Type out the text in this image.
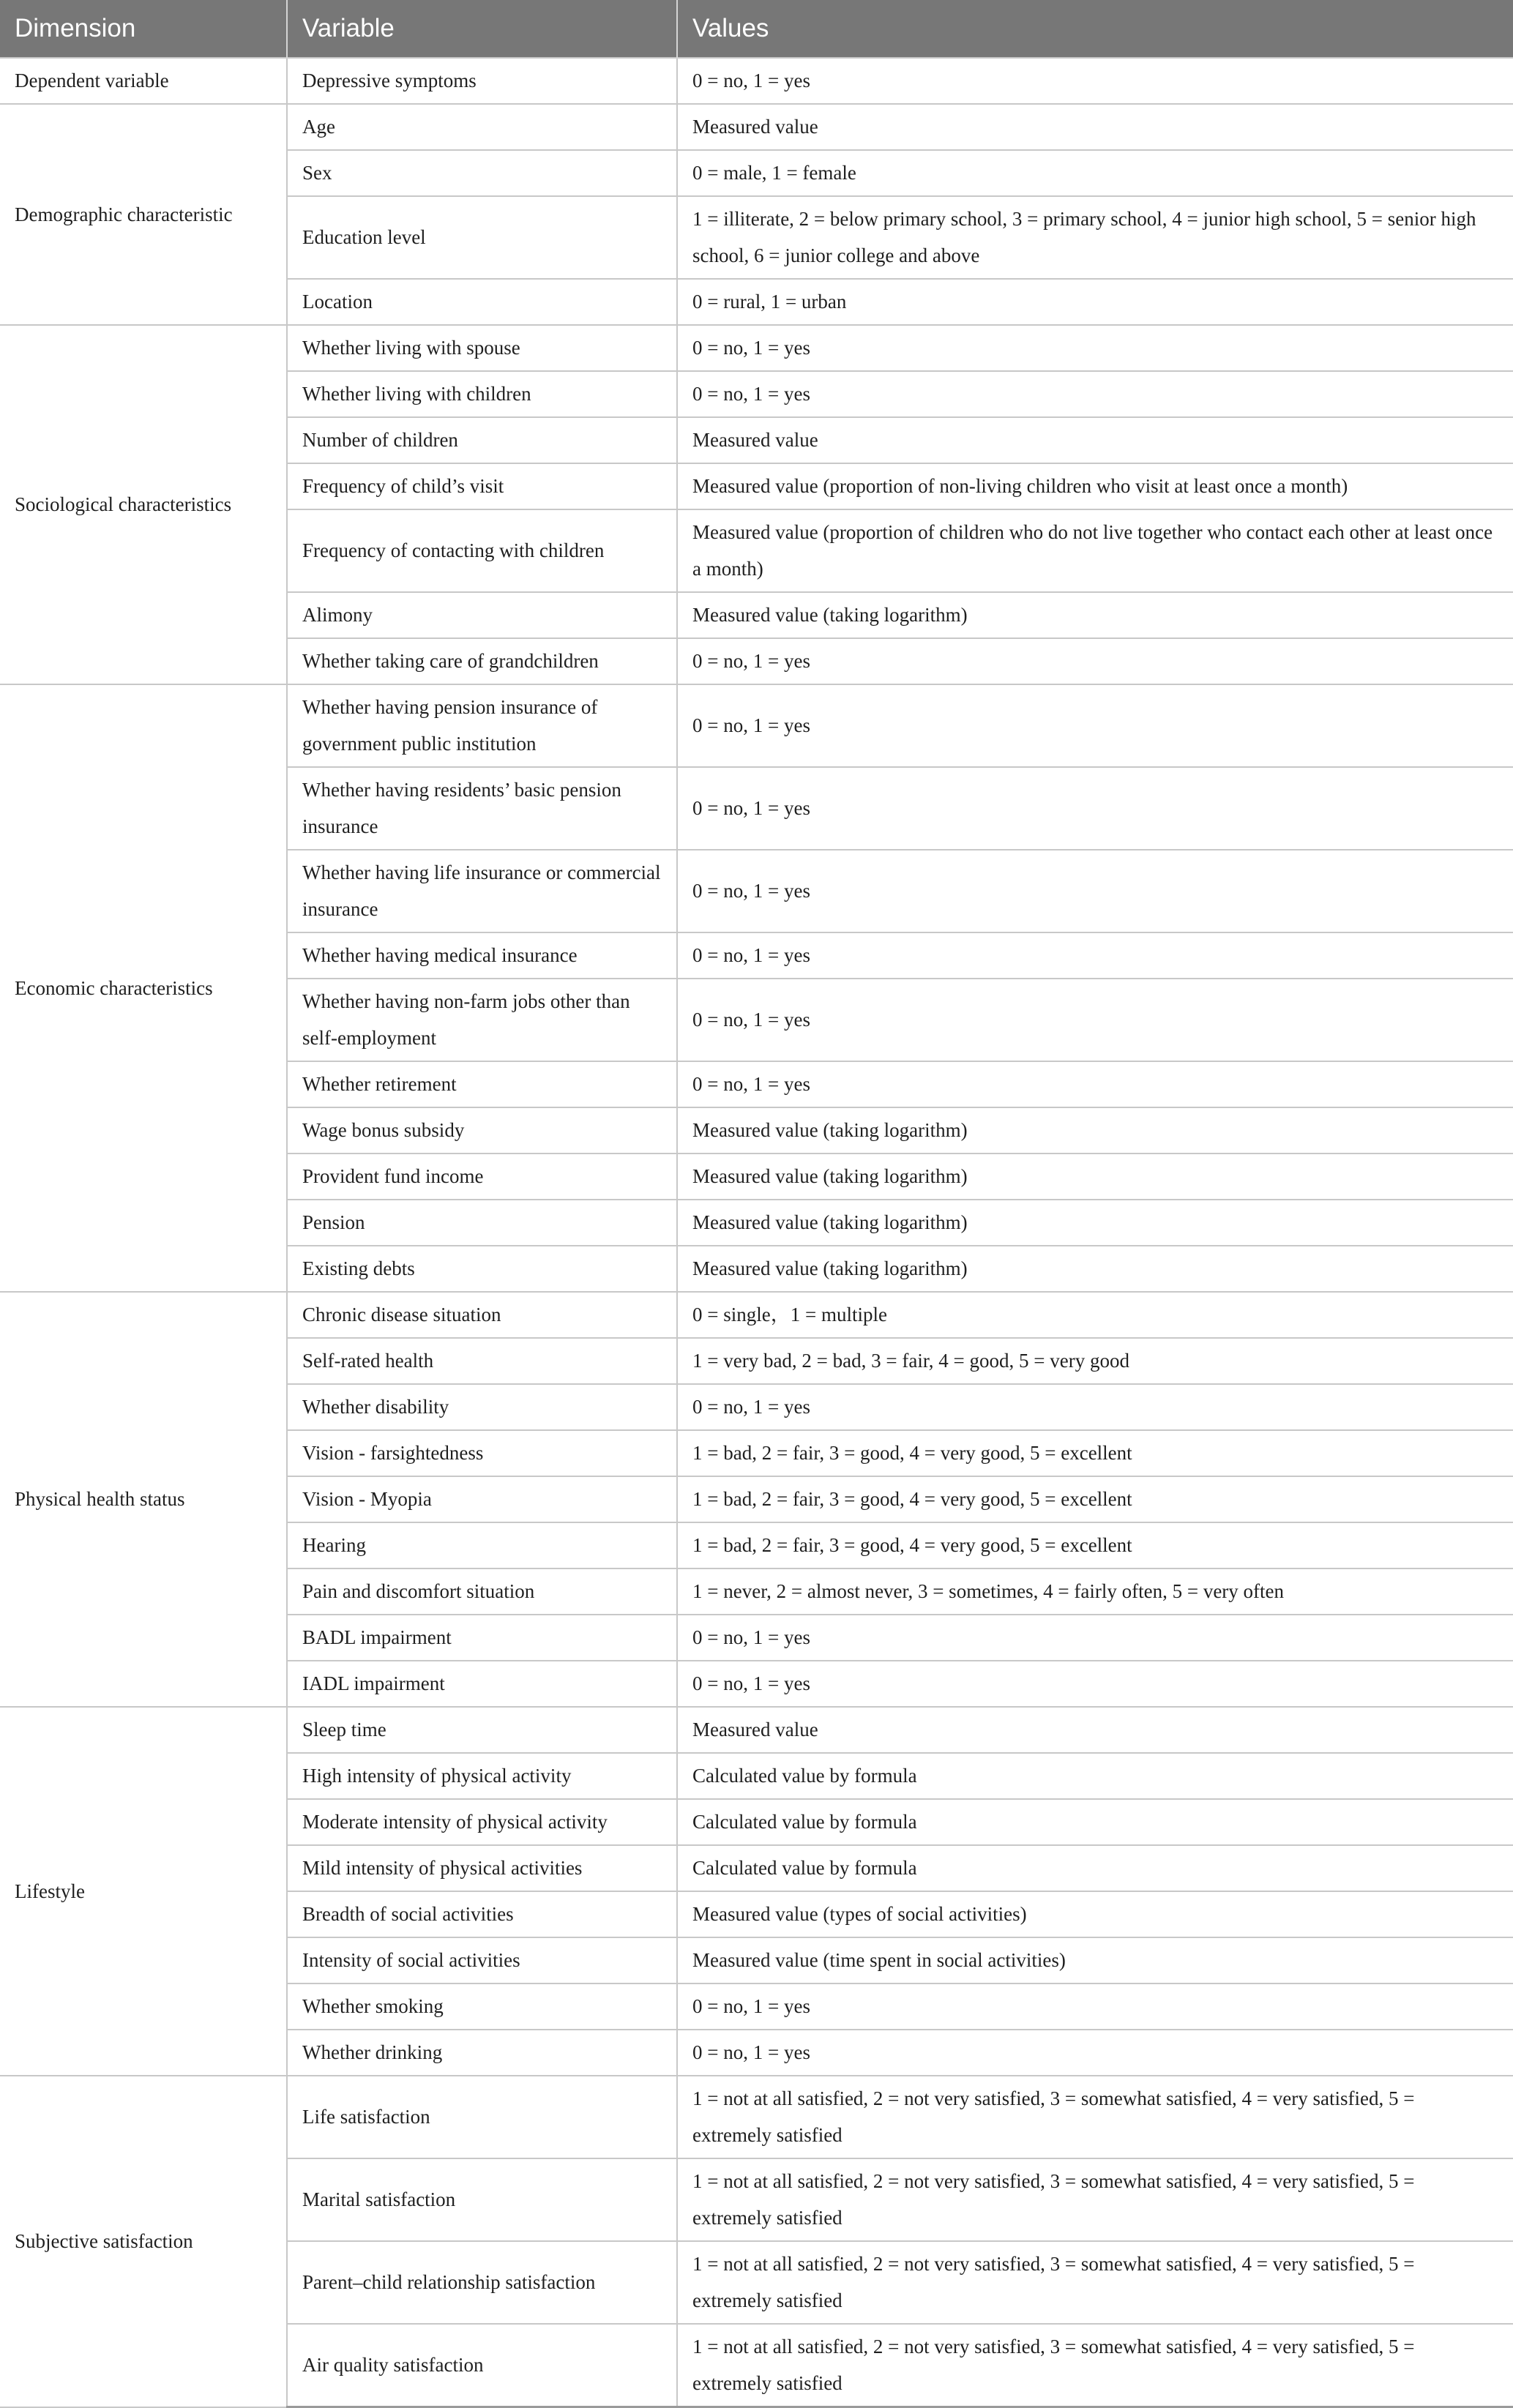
Dimension	Variable	Values
Dependent variable	Depressive symptoms	0 = no, 1 = yes
Demographic characteristic	Age	Measured value
	Sex	0 = male, 1 = female
	Education level	1 = illiterate, 2 = below primary school, 3 = primary school, 4 = junior high school, 5 = senior high school, 6 = junior college and above
	Location	0 = rural, 1 = urban
Sociological characteristics	Whether living with spouse	0 = no, 1 = yes
	Whether living with children	0 = no, 1 = yes
	Number of children	Measured value
	Frequency of child’s visit	Measured value (proportion of non-living children who visit at least once a month)
	Frequency of contacting with children	Measured value (proportion of children who do not live together who contact each other at least once a month)
	Alimony	Measured value (taking logarithm)
	Whether taking care of grandchildren	0 = no, 1 = yes
Economic characteristics	Whether having pension insurance of government public institution	0 = no, 1 = yes
	Whether having residents’ basic pension insurance	0 = no, 1 = yes
	Whether having life insurance or commercial insurance	0 = no, 1 = yes
	Whether having medical insurance	0 = no, 1 = yes
	Whether having non-farm jobs other than self-employment	0 = no, 1 = yes
	Whether retirement	0 = no, 1 = yes
	Wage bonus subsidy	Measured value (taking logarithm)
	Provident fund income	Measured value (taking logarithm)
	Pension	Measured value (taking logarithm)
	Existing debts	Measured value (taking logarithm)
Physical health status	Chronic disease situation	0 = single，1 = multiple
	Self-rated health	1 = very bad, 2 = bad, 3 = fair, 4 = good, 5 = very good
	Whether disability	0 = no, 1 = yes
	Vision - farsightedness	1 = bad, 2 = fair, 3 = good, 4 = very good, 5 = excellent
	Vision - Myopia	1 = bad, 2 = fair, 3 = good, 4 = very good, 5 = excellent
	Hearing	1 = bad, 2 = fair, 3 = good, 4 = very good, 5 = excellent
	Pain and discomfort situation	1 = never, 2 = almost never, 3 = sometimes, 4 = fairly often, 5 = very often
	BADL impairment	0 = no, 1 = yes
	IADL impairment	0 = no, 1 = yes
Lifestyle	Sleep time	Measured value
	High intensity of physical activity	Calculated value by formula
	Moderate intensity of physical activity	Calculated value by formula
	Mild intensity of physical activities	Calculated value by formula
	Breadth of social activities	Measured value (types of social activities)
	Intensity of social activities	Measured value (time spent in social activities)
	Whether smoking	0 = no, 1 = yes
	Whether drinking	0 = no, 1 = yes
Subjective satisfaction	Life satisfaction	1 = not at all satisfied, 2 = not very satisfied, 3 = somewhat satisfied, 4 = very satisfied, 5 = extremely satisfied
	Marital satisfaction	1 = not at all satisfied, 2 = not very satisfied, 3 = somewhat satisfied, 4 = very satisfied, 5 = extremely satisfied
	Parent–child relationship satisfaction	1 = not at all satisfied, 2 = not very satisfied, 3 = somewhat satisfied, 4 = very satisfied, 5 = extremely satisfied
	Air quality satisfaction	1 = not at all satisfied, 2 = not very satisfied, 3 = somewhat satisfied, 4 = very satisfied, 5 = extremely satisfied
